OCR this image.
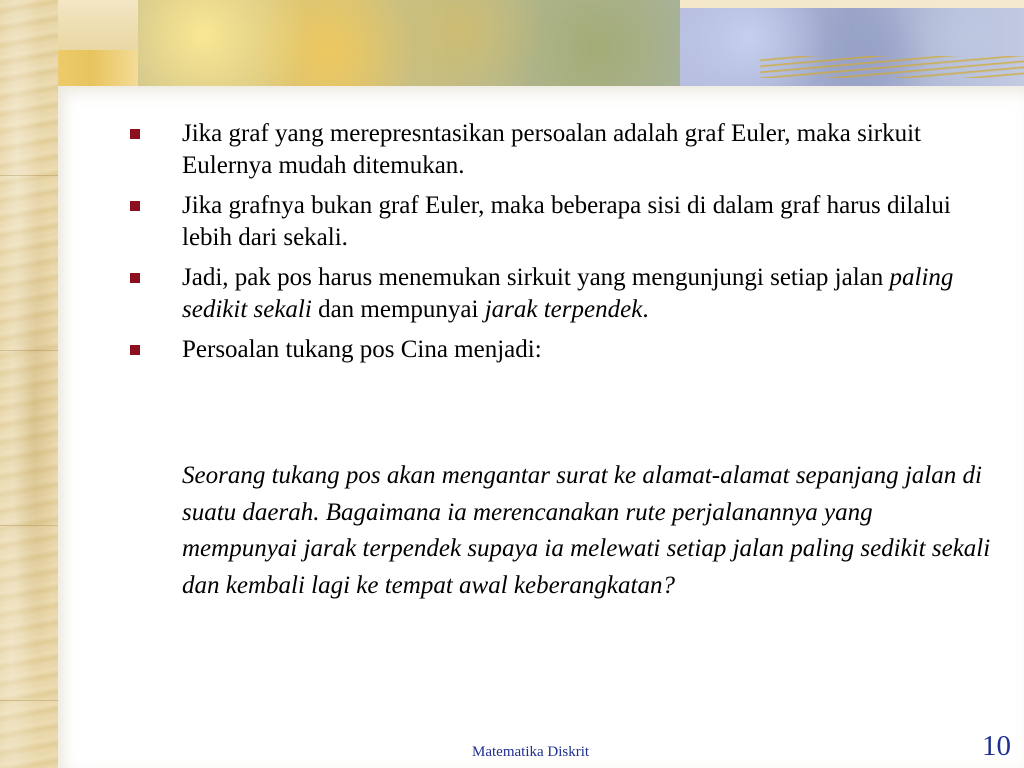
Jika graf yang merepresntasikan persoalan adalah graf Euler, maka sirkuit Eulernya mudah ditemukan.
Jika grafnya bukan graf Euler, maka beberapa sisi di dalam graf harus dilalui lebih dari sekali.
Jadi, pak pos harus menemukan sirkuit yang mengunjungi setiap jalan paling sedikit sekali dan mempunyai jarak terpendek.
Persoalan tukang pos Cina menjadi:

Seorang tukang pos akan mengantar surat ke alamat-alamat sepanjang jalan di suatu daerah. Bagaimana ia merencanakan rute perjalanannya yang mempunyai jarak terpendek supaya ia melewati setiap jalan paling sedikit sekali dan kembali lagi ke tempat awal keberangkatan?

Matematika Diskrit	10
